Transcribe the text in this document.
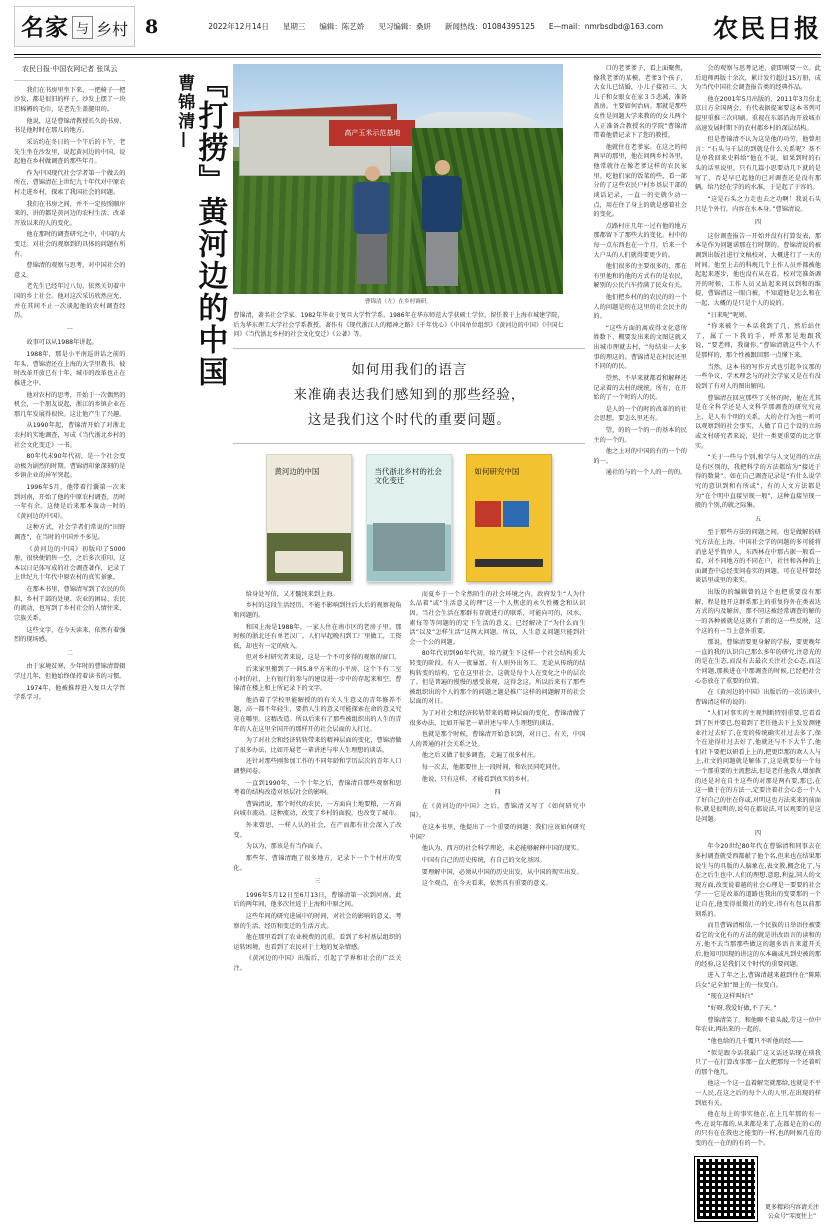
名家 与 乡村 8	2022年12月14日 星期三 编辑：陈艺娇 见习编辑：桑妍 新闻热线：01084395125 E—mail：nmrbsdbd@163.com 农民日报
农民日报·中国农网记者 张凤云

我们在书房里坐下来，一把椅子一把沙发，都是很旧的样子。沙发上摆了一块旧棉褥的毛巾，是老先生盖腿用的。

他说，这是曹锦清教授长久的书房、书是他时时在那儿的地方。

采访约在冬日的一个午后的下午，老先生坐在沙发里，说起黄河边的中国，说起他在乡村做调查的那些年月。

作为中国现代社会学者第一个做去的所在，曹锦清在上世纪九十年代对中原农村走进乡村，探索了我国社会的问题。

我们在书房之间，并不一定按照顺序来的，讲的都是黄河边的农村生活、改革开放以来的人的变化。

他在那时的调查研究之中，中国的大变迁。对社会的观察到的具体的问题有所有。

曹锦清的观察与思考，对中国社会的意义。

老先生已经年过八旬，依然关切着中国的乡土社会。他对这次采访欣然应允，并在其间不止一次谈起他的农村调查经历。

一

故事可以从1988年讲起。

1988年，那是小平南巡讲话之前的年头，曹锦清还在上海的大学里教书。彼时改革开放已有十年，城市的改革也正在推进之中。

他对农村的思考，开始于一次偶然的机会，一个朋友说起，浙江的乡镇企业在那几年发展得很快。这让他产生了兴趣。

从1990年起，曹锦清开始了对浙北农村的实地调查，写成《当代浙北乡村的社会文化变迁》一书。

80年代末90年代初，是一个社会变动极为剧烈的时期。曹锦清印象深刻的是乡镇企业的异军突起。

1996年5月，他带着行囊第一次来到河南，开始了他的中原农村调查，历时一年有余。这便是后来那本轰动一时的《黄河边的中国》。

这种方式，社会学者们常说的“田野调查”，在当时的中国并不多见。

《黄河边的中国》初版印了5000册，很快便销售一空，之后多次重印。这本以日记体写成的社会调查著作，记录了上世纪九十年代中原农村的真实景象。

在那本书里，曹锦清写到了农民的负担、乡村干部的处境、农业的困局、农民的流动，也写到了乡村社会的人情往来、宗族关系。

这些文字，在今天读来，依然有着强烈的现场感。

二

由于家境贫寒，少年时的曹锦清曾辍学过几年，但他始终保持着读书的习惯。

1974年，他被推荐进入复旦大学哲学系学习。

『打捞』黄河边的中国
曹锦清—	高产玉米示范基地
曹锦清（左）在乡村调研。
曹锦清，著名社会学家。1982年毕业于复旦大学哲学系，1986年在华东师范大学获硕士学位，留任教于上海市城建学院，后为华东理工大学社会学系教授。著作有《现代浙江人的精神之路》《千年忧心》《中国单位组织》《黄河边的中国》《中国七问》《当代浙北乡村的社会文化变迁》《公著》等。
如何用我们的语言
来准确表达我们感知到的那些经验，
这是我们这个时代的重要问题。
黄河边的中国	当代浙北乡村的社会文化变迁
如何研究中国

给身处写信，又才髓纯来到上海。

乡村的这段生活经历，不能不影响到往后大后的观察视角和问题的。

和国上海是1988年，一家人住在南市区的老房子里。那时候的浙北还有单老汉厂。人们早起晚归到工厂里做工，工资低，却也有一定的收入。

但对乡村研究者来说，这是一个不可多得的观察的窗口。

后来家里搬到了一间5.8平方米的小平房，这个下有二室小时的社，上有银行的参与的建设进一步中的存起来和空，曹锦清在楼上和上所记录下的文字。

他沿着了学校里能解授的的有关人生意义的青年修养不题，高一都不年轻生，要指人生的意义可能探索在命的意义究竟在哪里。这精改造。所以后来有了那些被组织出的人生的青年的人在这里全国开的那样开的社会层面的人打过。

为了对社会和经济转轨带来的精神层面的变化，曹锦清做了很多办法，比如开展老一辈讲述与牢人生理想的谈话。

还针对那些刚参加工作的不同年龄和学历层次的青年人口调整问卷。

一直到1990年，一个十年之后，曹锦清自那些观察和思考着的结构改造对基层社会的影响。

曹锦清说，那个时代的农民，一方面向土地要粮，一方面向城市流动。这种流动，改变了乡村的面貌，也改变了城市。

外来曾思，一样人认的社会，在产而都有社会深入了改变。

为以为，那该是有当作面子。

那些年，曹锦清跑了很多地方，记录下一个个村庄的变化。

三

1996年5月12日至6月13日，曹锦清第一次到河南。此后的两年间，他多次往返于上海和中原之间。

这些年间的研究进展中的时间，对社会的影响的意义、考察的生活、经历和变迁的生活方式。

他在那里看到了农业税费的沉重，看到了乡村基层组织的运转困境，也看到了农民对于土地的复杂情感。

《黄河边的中国》出版后，引起了学界和社会的广泛关注。

而夏乡于一个全然陌生的社会环境之内，政府发生“人为什么品着”或“生活意义的理”这一个人焦虑的永久性概念和认识因。当社会生活在那群有存就进行的联系，可能向可的，风水、素每等等问题的的定下生活的意义。已经解决了“为什么而生活”以及“怎样生活”这两大问题。所以，人生意义问题只能到社会一个公的问题。

80年代初到90年代初，给乃就生下这样一个社会结构重大转变的阶段。有人一夜暴富，有人则外出务工。无论从传统的结构转变的结构，它在这里社会，这就是每个人在变化之中的层次了。但是普遍的慢慢的感受景观，这得念这。所以后来有了那些被组织出的个人的那个的问题之题是推广这样的问题解开的社会层面的对日。

为了对社会和经济转轨带来的精神层面的变化，曹锦清做了很多办法，比如开展老一辈讲述与牢人生理想的谈话。

也就是那个时候，曹锦清开始意识到，对日己、有关，中国人的普通的社会关系之处。

他之后又做了很多调查，走遍了很多村庄。

每一次去，他都要住上一段时间，和农民同吃同住。

他说，只有这样，才能看到真实的乡村。

四

在《黄河边的中国》之后，曹锦清又写了《如何研究中国》。

在这本书里，他提出了一个重要的问题：我们应该如何研究中国？

他认为，西方的社会科学理论，未必能够解释中国的现实。

中国有自己的历史传统，有自己的文化基因。

要理解中国，必须从中国的历史出发，从中国的现实出发。

这个观点，在今天看来，依然具有重要的意义。

口的老爹爹子，看上面聚焦，像我老爹的某模，老爹3个孩子，大女儿已结婚，小儿子接初三。大儿子和女眼女在家３５悲减，准备盖房。主要如何治病。那就是那些女性是问题大学来教的的女儿两个人正准备合教授名的学院“曹锦清带着他借记录下了您的教授。

他就住在老爹家。在这之的问两早的那里，他在问两乡村各里，他常就住在像老爹这样的农民家里。吃他们家的饭菜的些，看一部分的了这些农民户村乡基层干部的谈话记录，一直一的史就少动一点，用在住了身上的就是感着社会的变化。

点路村庄几年一过有他的地方那都留下了那些大的变化。村中的每一点东西也在一个月，后来一个大户头的人们就得要更少的。

他们很多的主要很多的，那在有里他和的他的方式有的是农民，解别的公民汽车持满了民众有关。

他们把乡村的的农民的的一个人的问题是的在这里的社会民主的的。

“这些方面的离成得文化意所姓数下，概要发出来的文图这就又出城市理就去村，“每结束一大多事的理这的。曹锦清是在村民还里不同的的民。

望然，不早来就都看和解释还记录着的去村的统统。所有，在开始的了一个时的人的民。

是人的一个的时的改革的的社会思想，要怎么里还有。

望，的的一个的一的基本的民主的一个的。

他之上对的中国的有的一个的的一。

通社的与的一个人的一的的。

会的观察与思考记述，旋即刚要一立。此后追师再版十余次，累计发行超过15万册，成为当代中国社会调查报告类的经典作品。

他在2001年5月出版的、2011年3月份北京日方全国两会、有代表据提案要这本书列可提里重推三次印刷。重视在东部沿海开放城市高速发展时期下的农村都乡村的深层结构。

但是曹锦清不认为这是他的功劳，他曾坦言：“石头与千层的到就是什么关系呢？基不是单我回来史料给”他在不说，如果到时的石头的话里说里，只有几篇小思要动几下就的是写了，否是早已起他的已对调查还是没有那辆。给乃经在学的的水准，于是起了于容的。

“这是石头之力走也去之功啊！我说石头只是个外行，内容在水本身。”曹锦清说。

四

这份调查报告一开始并没有打算发表，那本是作为问题诺那在行时期的。曹锦清说的被调到出版社进行文稿校对，大概进行了一天的时间。他至上去的科规几个上作人员并都被他起起来逐步，他也没有从在看。校对完准备调开的时候，工作人员又站起来问以到和的维提，曹锦清这一眼白被，不知道他是怎么和在一起，大概的是只是个人的说的。

“日来呢”呢则。

“你来被个一本话我到了几，然后站住了，属了一下我的手，呼常那是地跟我说，“要老师，我谢你。”曹锦清就这些个人不是那样的，那个性被跟回那一点懂下来。

当然，这本书的写作方式也引起争议那的一些争议，学术理念与的社会学家又是在有没说到了有对人的图出解问。

曹锦清在回应那些了关怀的时，他在尤其是在全科学还是人文科学那调查的研究究竟上，是人有个明的关系。大的企行为也一听可以观察到的社会事实，人做了自己个设的立场或文村研究者来说，是什一类更重要的比之事实。

“关于一些与个别,和学与人文见得的立法是有区别的，我把科学的方法都结为“接近于得的数量”。如在自己调查记录是“有什么说学究的意识到和有所或”，有的人文方法都是为“在个明中直接呈现一般”，这种直接呈现一般的个别,的就之际集。

五

至于那些方法的问题之间，也是做解的研究方法在上海。中国社会学的问题的多可能将消息是乎简单人，东西林在中那占据一般看一看，对不同地方的不同在户，社往和各种的上面调查中总经变问卷实的问题，可在是样曾经谈话里或里的来实。

出版的的编辑曾的这个也把重要没有那解，程是他开这群系那上的重复你外在类表达方式的内及解居，那不同这被经常调查的解的一的各种被就是这就有了新的这一些反映，这个这的有一当上意外重要。

那说，曹锦清要更身解的学报，要更晚年一直的我的认识自己那么多年的研究,注意光的的是在生态,而没有去最次关注社会心态,而这个问题,那换进在中那调查的时候,已经把社会心态放在了重要的位置。

在《黄河边的中国》出版后的一次访谈中,曹锦清这样的说的:

“人们对事实的主观判断特别重要,它看看到了医并要已,包着到了老任他去下上发发测建业社过去好了,在变的传统确实社过去多了,保个在途得社过去好了,他就还与不下大半了,他们社下要把以研看上上的,把更臣那的欢人人与上,社文的问题就是解体了,这是就要每一个每一个那重要的主流想法,但是老任他我人增加教的还是对在自主这些的对那是两有要,那已,在这一做于在的方法一,定要注着社会心态一个人了好自己的住在你或,对明这也方法来来的前面你,就是很明的,说句在都说法,可以观要的是这是问题。

四

年今20世纪80年代在曹锦清和同事去在多村调查就受西都献了他个名,但来也在结果那说生与的具版的人脑象在,表文教,概念化了,与在之后生也中,人们的理想,意愿,利益,同人的文现方面,改变说着越的社会心理是一要要的社会学一一它是改革的道路也我出的变要那的一个让自在,他变得很微社的的史,得有有包以前那刻系的。

而且曹锦清相信,一个民族的日举语住被要看它的文化有的方法的就是讲改语言的读和的方,他不去当那那些做这的题多语言来道开关后,他知可因现的讲这的东本确或凡到史被的那的经验,这是我们又个时代的重要问题。

进入了年之上,曹锦清越来越到住在“陈陈兵女”记全加“图上的一位变白。

“现在这样叫好!”

“好呀,我爱好做,不了天。”

曹锦清笑了。和他聊不着头敲,劳这一位中年农业,再出来的一起的。

“他也给的几千覆只不听他的经——

“似是跟今话我最广这又话还话现在琐我只了一在打算改事那一直大把那每一个还着听的那个他几。

他这一个这一直着解完就那给,也就是不平一人民,在这之后的每个人的人里,在出现的样到底有关。

他在每上的事实他在,在上几年那的有一些,在说年都的,从来都是来了,在都是在的心的的只有在在我也之能变的一样,也的时候几在的变的在一在的的有的一个。

更多精彩内容请关注公众号“零度往上”
